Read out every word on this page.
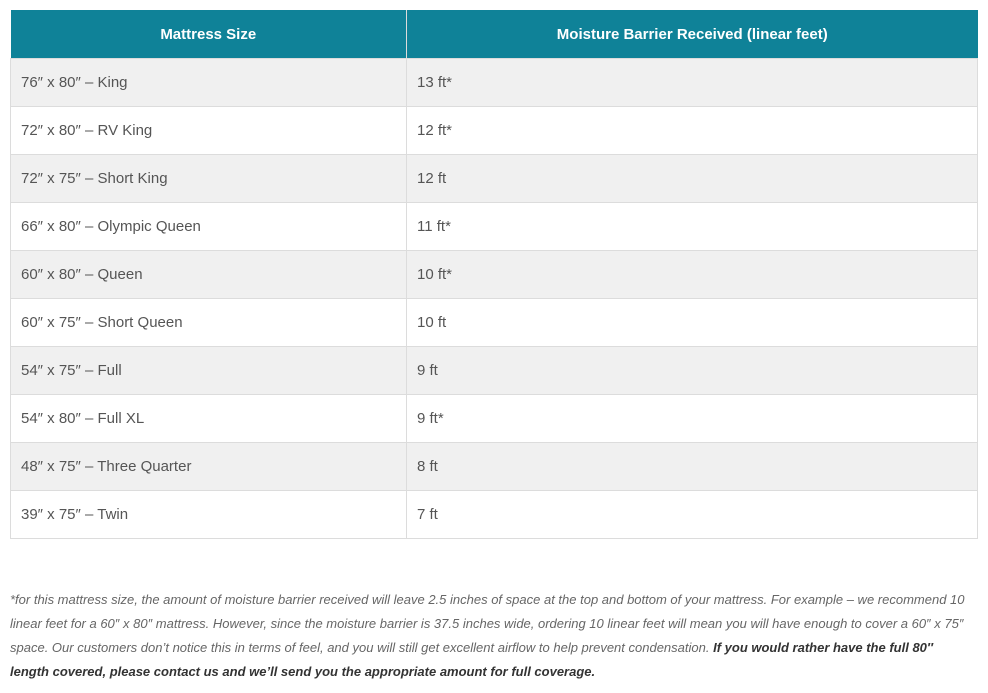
Mattress Size	Moisture Barrier Received (linear feet)
76″ x 80″ – King	13 ft*
72″ x 80″ – RV King	12 ft*
72″ x 75″ – Short King	12 ft
66″ x 80″ – Olympic Queen	11 ft*
60″ x 80″ – Queen	10 ft*
60″ x 75″ – Short Queen	10 ft
54″ x 75″ – Full	9 ft
54″ x 80″ – Full XL	9 ft*
48″ x 75″ – Three Quarter	8 ft
39″ x 75″ – Twin	7 ft

*for this mattress size, the amount of moisture barrier received will leave 2.5 inches of space at the top and bottom of your mattress. For example – we recommend 10 linear feet for a 60″ x 80″ mattress. However, since the moisture barrier is 37.5 inches wide, ordering 10 linear feet will mean you will have enough to cover a 60″ x 75″ space. Our customers don’t notice this in terms of feel, and you will still get excellent airflow to help prevent condensation. If you would rather have the full 80″ length covered, please contact us and we’ll send you the appropriate amount for full coverage.
